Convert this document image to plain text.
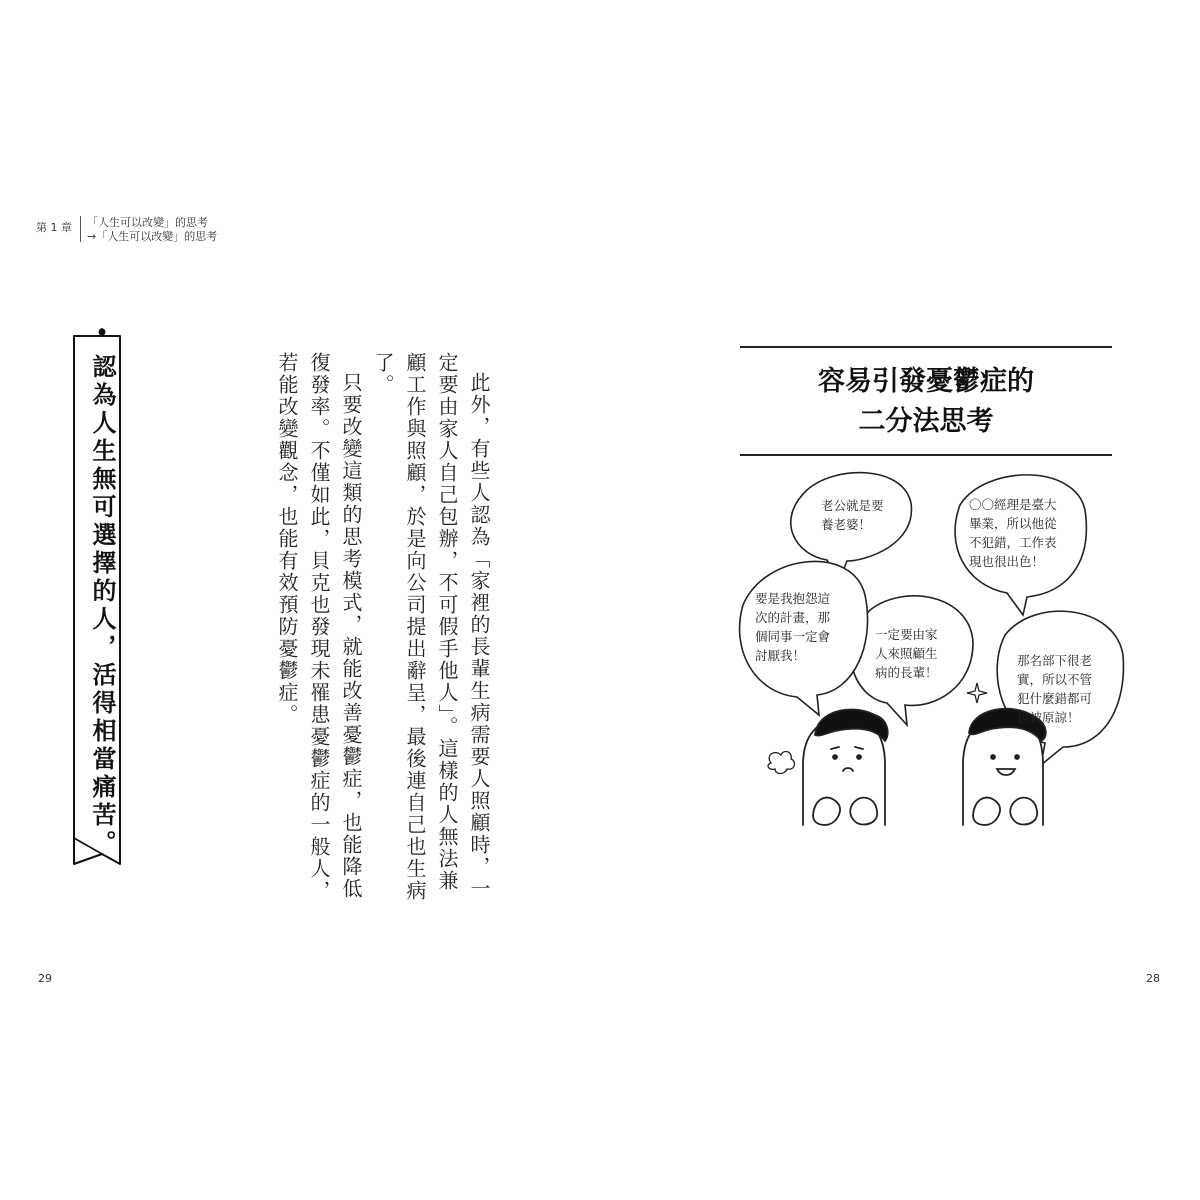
第 1 章 「人生可以改變」的思考
→「人生可以改變」的思考
認為人生無可選擇的人，活得相當痛苦。	此外，有些人認為「家裡的長輩生病需要人照顧時，一定要由家人自己包辦，不可假手他人」。這樣的人無法兼顧工作與照顧，於是向公司提出辭呈，最後連自己也生病了。

只要改變這類的思考模式，就能改善憂鬱症，也能降低復發率。不僅如此，貝克也發現未罹患憂鬱症的一般人，若能改變觀念，也能有效預防憂鬱症。	容易引發憂鬱症的
二分法思考
老公就是要
養老婆！
要是我抱怨這
次的計畫，那
個同事一定會
討厭我！
一定要由家
人來照顧生
病的長輩！
〇〇經理是臺大
畢業，所以他從
不犯錯，工作表
現也很出色！
那名部下很老
實，所以不管
犯什麼錯都可
以被原諒！
29	28
